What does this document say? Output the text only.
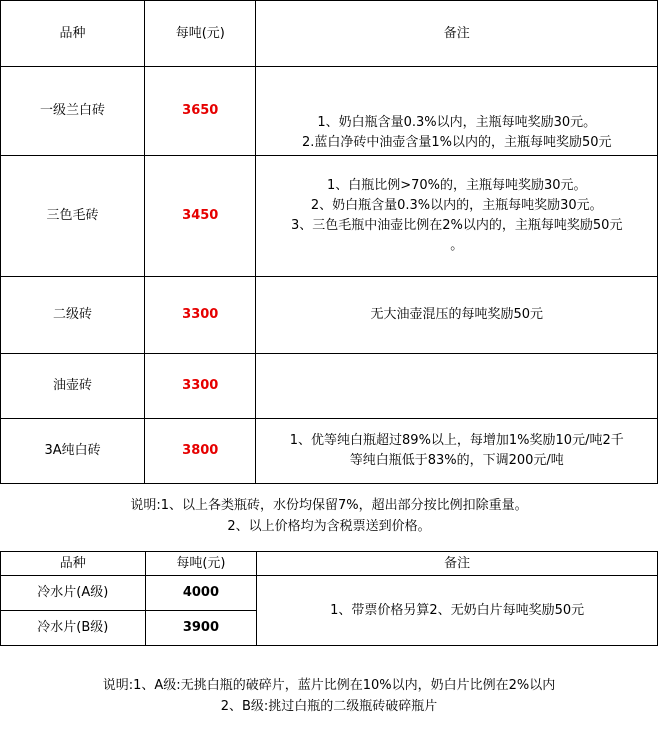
品种	每吨(元)	备注
一级兰白砖	3650	1、奶白瓶含量0.3%以内，主瓶每吨奖励30元。
2.蓝白净砖中油壶含量1%以内的，主瓶每吨奖励50元

三色毛砖	3450	1、白瓶比例>70%的，主瓶每吨奖励30元。
2、奶白瓶含量0.3%以内的，主瓶每吨奖励30元。
3、三色毛瓶中油壶比例在2%以内的，主瓶每吨奖励50元
。

二级砖	3300	无大油壶混压的每吨奖励50元

油壶砖	3300	
3A纯白砖	3800	1、优等纯白瓶超过89%以上，每增加1%奖励10元/吨2千
等纯白瓶低于83%的，下调200元/吨
说明:1、以上各类瓶砖，水份均保留7%，超出部分按比例扣除重量。
2、以上价格均为含税票送到价格。
品种	每吨(元)	备注
冷水片(A级)	4000	1、带票价格另算2、无奶白片每吨奖励50元
冷水片(B级)	3900	
说明:1、A级:无挑白瓶的破碎片，蓝片比例在10%以内，奶白片比例在2%以内
2、B级:挑过白瓶的二级瓶砖破碎瓶片
